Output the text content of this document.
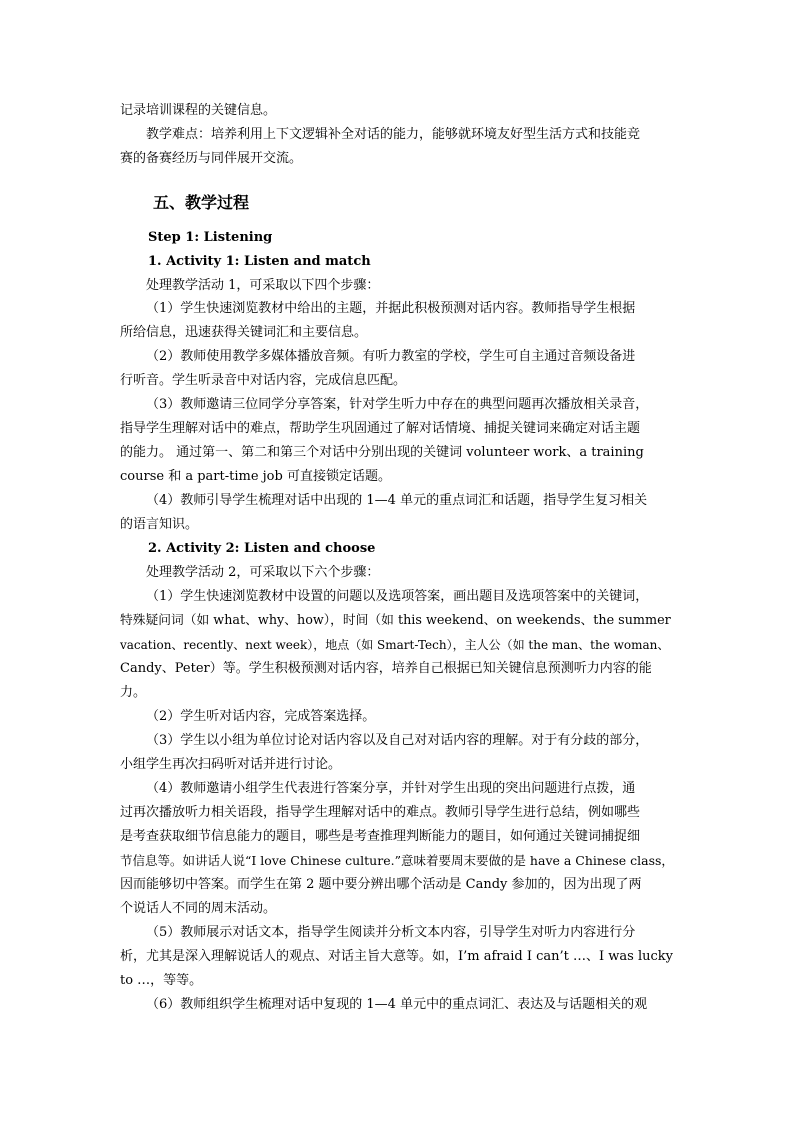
记录培训课程的关键信息。
教学难点：培养利用上下文逻辑补全对话的能力，能够就环境友好型生活方式和技能竞
赛的备赛经历与同伴展开交流。
五、教学过程
Step 1: Listening
1. Activity 1: Listen and match
处理教学活动 1，可采取以下四个步骤：
（1）学生快速浏览教材中给出的主题，并据此积极预测对话内容。教师指导学生根据
所给信息，迅速获得关键词汇和主要信息。
（2）教师使用教学多媒体播放音频。有听力教室的学校，学生可自主通过音频设备进
行听音。学生听录音中对话内容，完成信息匹配。
（3）教师邀请三位同学分享答案，针对学生听力中存在的典型问题再次播放相关录音，
指导学生理解对话中的难点，帮助学生巩固通过了解对话情境、捕捉关键词来确定对话主题
的能力。 通过第一、第二和第三个对话中分别出现的关键词 volunteer work、a training
course 和 a part-time job 可直接锁定话题。
（4）教师引导学生梳理对话中出现的 1—4 单元的重点词汇和话题，指导学生复习相关
的语言知识。
2. Activity 2: Listen and choose
处理教学活动 2，可采取以下六个步骤：
（1）学生快速浏览教材中设置的问题以及选项答案，画出题目及选项答案中的关键词，
特殊疑问词（如 what、why、how），时间（如 this weekend、on weekends、the summer
vacation、recently、next week），地点（如 Smart-Tech），主人公（如 the man、the woman、
Candy、Peter）等。学生积极预测对话内容，培养自己根据已知关键信息预测听力内容的能
力。
（2）学生听对话内容，完成答案选择。
（3）学生以小组为单位讨论对话内容以及自己对对话内容的理解。对于有分歧的部分，
小组学生再次扫码听对话并进行讨论。
（4）教师邀请小组学生代表进行答案分享，并针对学生出现的突出问题进行点拨，通
过再次播放听力相关语段，指导学生理解对话中的难点。教师引导学生进行总结，例如哪些
是考查获取细节信息能力的题目，哪些是考查推理判断能力的题目，如何通过关键词捕捉细
节信息等。如讲话人说“I love Chinese culture.”意味着要周末要做的是 have a Chinese class，
因而能够切中答案。而学生在第 2 题中要分辨出哪个活动是 Candy 参加的，因为出现了两
个说话人不同的周末活动。
（5）教师展示对话文本，指导学生阅读并分析文本内容，引导学生对听力内容进行分
析，尤其是深入理解说话人的观点、对话主旨大意等。如，I’m afraid I can’t …、I was lucky
to …，等等。
（6）教师组织学生梳理对话中复现的 1—4 单元中的重点词汇、表达及与话题相关的观
